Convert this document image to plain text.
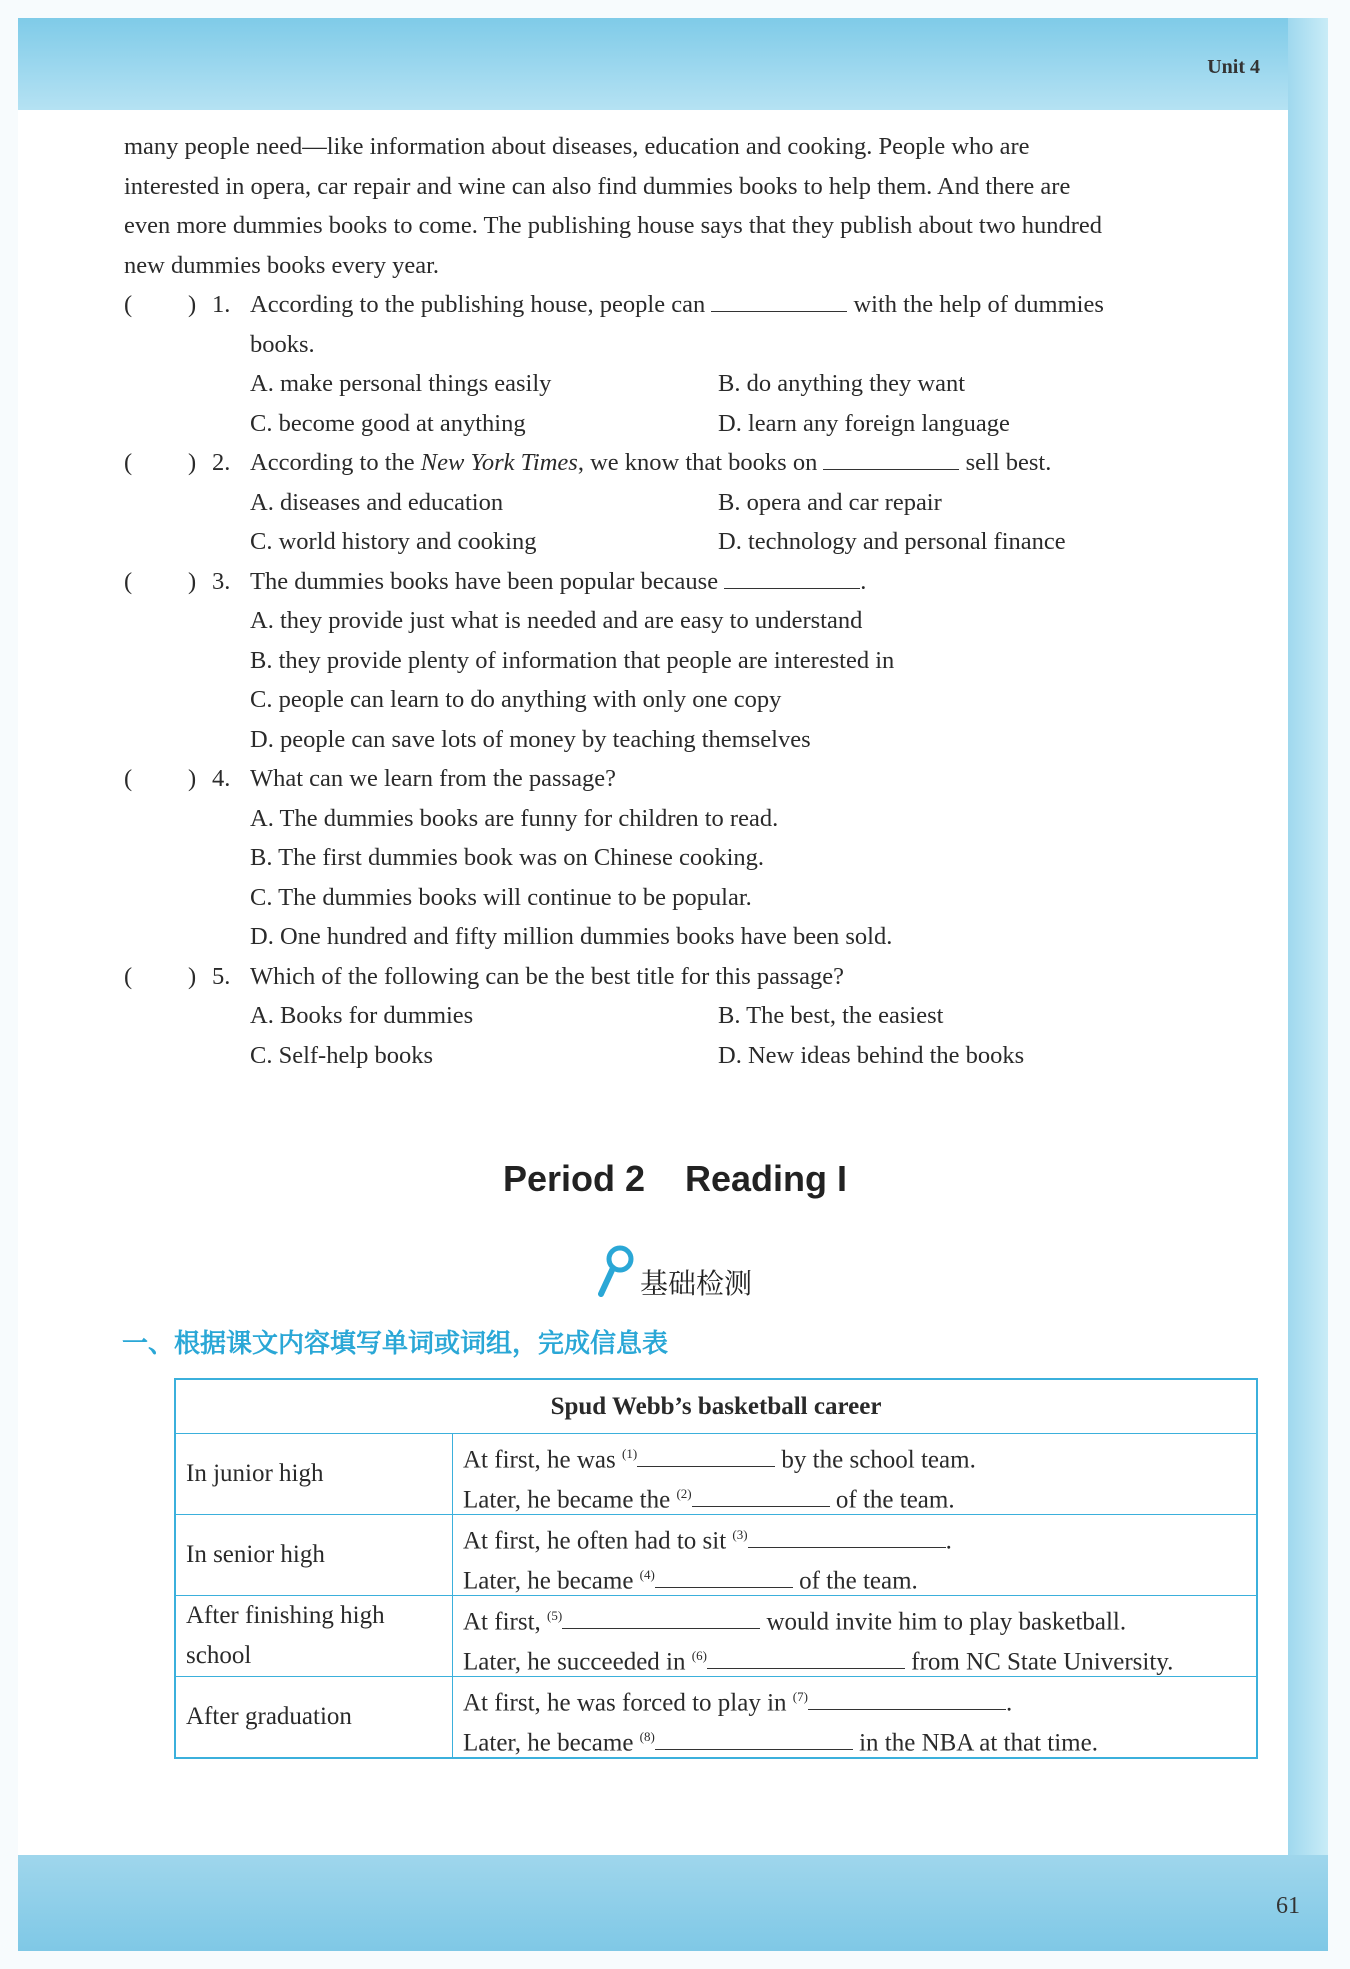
Unit 4

many people need—like information about diseases, education and cooking. People who are

interested in opera, car repair and wine can also find dummies books to help them. And there are

even more dummies books to come. The publishing house says that they publish about two hundred

new dummies books every year.

( ) 1. According to the publishing house, people can	with the help of dummies
books.
A. make personal things easily	B. do anything they want
C. become good at anything	D. learn any foreign language
( ) 2. According to the New York Times, we know that books on	sell best.
A. diseases and education	B. opera and car repair
C. world history and cooking	D. technology and personal finance
( ) 3. The dummies books have been popular because	.
A. they provide just what is needed and are easy to understand
B. they provide plenty of information that people are interested in
C. people can learn to do anything with only one copy
D. people can save lots of money by teaching themselves
( ) 4. What can we learn from the passage?
A. The dummies books are funny for children to read.
B. The first dummies book was on Chinese cooking.
C. The dummies books will continue to be popular.
D. One hundred and fifty million dummies books have been sold.
( ) 5. Which of the following can be the best title for this passage?
A. Books for dummies	B. The best, the easiest
C. Self-help books	D. New ideas behind the books
Period 2    Reading I
基础检测
一、根据课文内容填写单词或词组，完成信息表
Spud Webb’s basketball career	
In junior high	At first, he was $^{(1)}$ by the school team.
Later, he became the $^{(2)}$ of the team.

In senior high	At first, he often had to sit $^{(3)}$ .
Later, he became $^{(4)}$ of the team.

After finishing high school	At first, $^{(5)}$ would invite him to play basketball.
Later, he succeeded in $^{(6)}$ from NC State University.

After graduation	At first, he was forced to play in $^{(7)}$ .
Later, he became $^{(8)}$ in the NBA at that time.
61
